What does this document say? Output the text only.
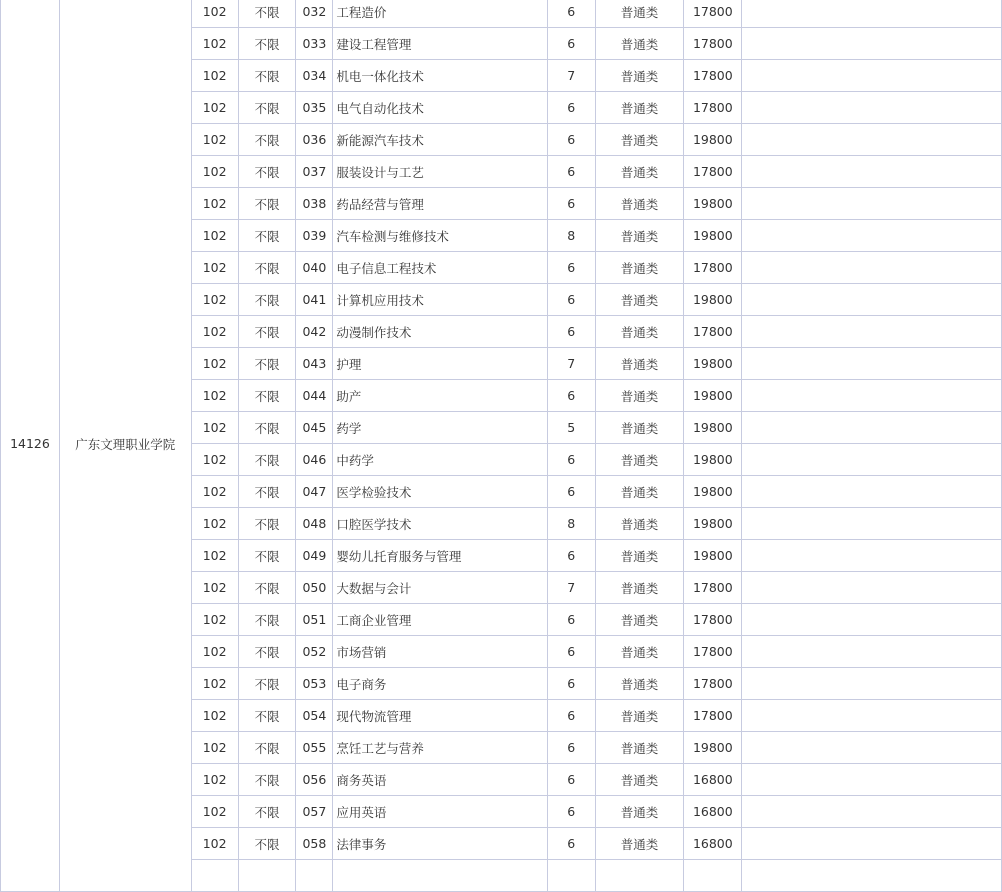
14126	广东文理职业学院	102	不限	032	工程造价	6	普通类	17800	
		102	不限	033	建设工程管理	6	普通类	17800	
		102	不限	034	机电一体化技术	7	普通类	17800	
		102	不限	035	电气自动化技术	6	普通类	17800	
		102	不限	036	新能源汽车技术	6	普通类	19800	
		102	不限	037	服装设计与工艺	6	普通类	17800	
		102	不限	038	药品经营与管理	6	普通类	19800	
		102	不限	039	汽车检测与维修技术	8	普通类	19800	
		102	不限	040	电子信息工程技术	6	普通类	17800	
		102	不限	041	计算机应用技术	6	普通类	19800	
		102	不限	042	动漫制作技术	6	普通类	17800	
		102	不限	043	护理	7	普通类	19800	
		102	不限	044	助产	6	普通类	19800	
		102	不限	045	药学	5	普通类	19800	
		102	不限	046	中药学	6	普通类	19800	
		102	不限	047	医学检验技术	6	普通类	19800	
		102	不限	048	口腔医学技术	8	普通类	19800	
		102	不限	049	婴幼儿托育服务与管理	6	普通类	19800	
		102	不限	050	大数据与会计	7	普通类	17800	
		102	不限	051	工商企业管理	6	普通类	17800	
		102	不限	052	市场营销	6	普通类	17800	
		102	不限	053	电子商务	6	普通类	17800	
		102	不限	054	现代物流管理	6	普通类	17800	
		102	不限	055	烹饪工艺与营养	6	普通类	19800	
		102	不限	056	商务英语	6	普通类	16800	
		102	不限	057	应用英语	6	普通类	16800	
		102	不限	058	法律事务	6	普通类	16800	
